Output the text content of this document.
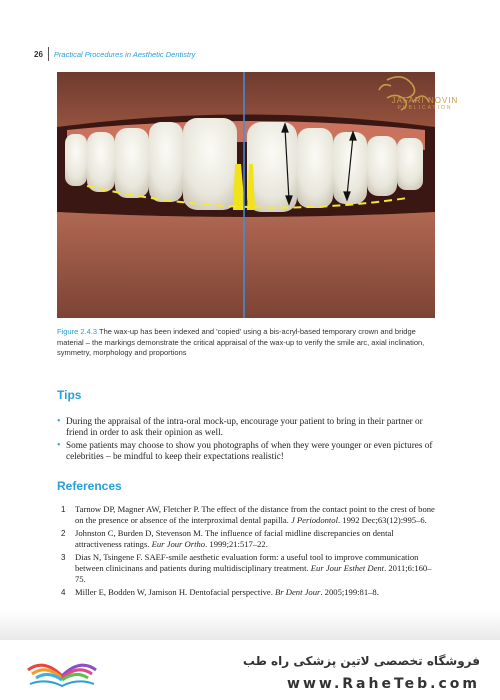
26 Practical Procedures in Aesthetic Dentistry
JAFARI NOVIN
PUBLICATION
Figure 2.4.3 The wax-up has been indexed and 'copied' using a bis-acryl-based temporary crown and bridge material – the markings demonstrate the critical appraisal of the wax-up to verify the smile arc, axial inclination, symmetry, morphology and proportions
Tips
• During the appraisal of the intra-oral mock-up, encourage your patient to bring in their partner or friend in order to ask their opinion as well.
• Some patients may choose to show you photographs of when they were younger or even pictures of celebrities – be mindful to keep their expectations realistic!
References
1 Tarnow DP, Magner AW, Fletcher P. The effect of the distance from the contact point to the crest of bone on the presence or absence of the interproximal dental papilla. J Periodontol. 1992 Dec;63(12):995–6.
2 Johnston C, Burden D, Stevenson M. The influence of facial midline discrepancies on dental attractiveness ratings. Eur Jour Ortho. 1999;21:517–22.
3 Dias N, Tsingene F. SAEF-smile aesthetic evaluation form: a useful tool to improve communication between clinicinans and patients during multidisciplinary treatment. Eur Jour Esthet Dent. 2011;6:160–75.
4 Miller E, Bodden W, Jamison H. Dentofacial perspective. Br Dent Jour. 2005;199:81–8.
فروشگاه تخصصی لاتین پزشکی راه طب
www.RaheTeb.com
